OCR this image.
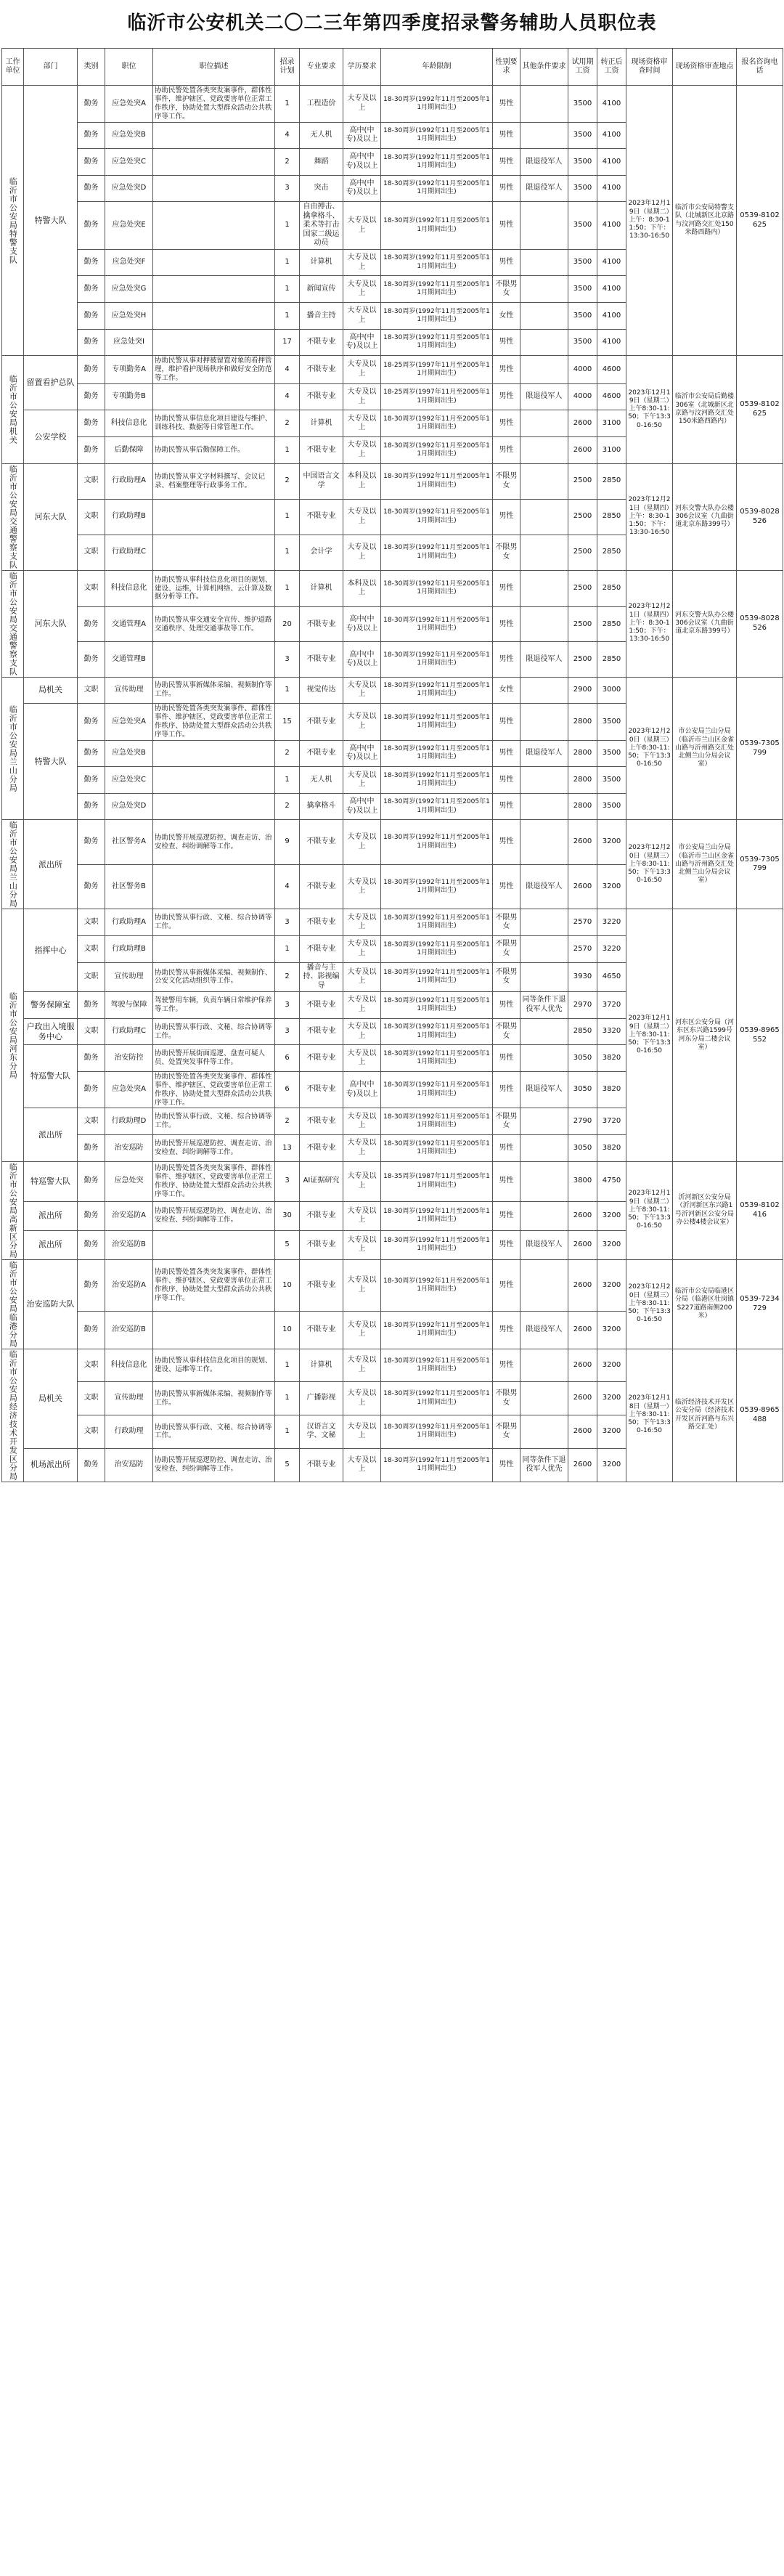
临沂市公安机关二〇二三年第四季度招录警务辅助人员职位表
工作单位	部门	类别	职位	职位描述	招录计划	专业要求	学历要求	年龄限制	性别要求	其他条件要求	试用期工资	转正后工资	现场资格审查时间	现场资格审查地点	报名咨询电话

临沂市公安局特警支队	特警大队	勤务	应急处突A	协助民警处置各类突发案事件，群体性事件，维护辖区、党政要害单位正常工作秩序，协助处置大型群众活动公共秩序等工作。	1	工程造价	大专及以上	18-30周岁(1992年11月至2005年11月期间出生)	男性		3500	4100	2023年12月19日（星期二）上午：8:30-11:50；下午：13:30-16:50	临沂市公安局特警支队（北城新区北京路与汶河路交汇处150米路西路内）	0539-8102625
		勤务	应急处突B		4	无人机	高中(中专)及以上	18-30周岁(1992年11月至2005年11月期间出生)	男性		3500	4100			
		勤务	应急处突C		2	舞蹈	高中(中专)及以上	18-30周岁(1992年11月至2005年11月期间出生)	男性	限退役军人	3500	4100			
		勤务	应急处突D		3	突击	高中(中专)及以上	18-30周岁(1992年11月至2005年11月期间出生)	男性	限退役军人	3500	4100			
		勤务	应急处突E		1	自由搏击、擒拿格斗、柔术等打击国家二级运动员	大专及以上	18-30周岁(1992年11月至2005年11月期间出生)	男性		3500	4100			
		勤务	应急处突F		1	计算机	大专及以上	18-30周岁(1992年11月至2005年11月期间出生)	男性		3500	4100			
		勤务	应急处突G		1	新闻宣传	大专及以上	18-30周岁(1992年11月至2005年11月期间出生)	不限男女		3500	4100			
		勤务	应急处突H		1	播音主持	大专及以上	18-30周岁(1992年11月至2005年11月期间出生)	女性		3500	4100			
		勤务	应急处突I		17	不限专业	高中(中专)及以上	18-30周岁(1992年11月至2005年11月期间出生)	男性		3500	4100			

临沂市公安局机关	留置看护总队	勤务	专项勤务A	协助民警从事对押被留置对象的看押管理，维护看护现场秩序和做好安全防范等工作。	4	不限专业	大专及以上	18-25周岁(1997年11月至2005年11月期间出生)	男性		4000	4600	2023年12月19日（星期二）上午8:30-11:50；下午13:30-16:50	临沂市公安局后勤楼306室（北城新区北京路与汶河路交汇处150米路西路内）	0539-8102625
		勤务	专项勤务B		4	不限专业	大专及以上	18-25周岁(1997年11月至2005年11月期间出生)	男性	限退役军人	4000	4600			
	公安学校	勤务	科技信息化	协助民警从事信息化项目建设与维护、训练科技、数据等日常管理工作。	2	计算机	大专及以上	18-30周岁(1992年11月至2005年11月期间出生)	男性		2600	3100			
		勤务	后勤保障	协助民警从事后勤保障工作。	1	不限专业	大专及以上	18-30周岁(1992年11月至2005年11月期间出生)	男性		2600	3100			

临沂市公安局交通警察支队	河东大队	文职	行政助理A	协助民警从事文字材料撰写、会议记录、档案整理等行政事务工作。	2	中国语言文学	本科及以上	18-30周岁(1992年11月至2005年11月期间出生)	不限男女		2500	2850	2023年12月21日（星期四）上午：8:30-11:50；下午：13:30-16:50	河东交警大队办公楼306会议室（九曲街道北京东路399号）	0539-8028526
		文职	行政助理B		1	不限专业	大专及以上	18-30周岁(1992年11月至2005年11月期间出生)	男性		2500	2850			
		文职	行政助理C		1	会计学	大专及以上	18-30周岁(1992年11月至2005年11月期间出生)	不限男女		2500	2850			

临沂市公安局交通警察支队	河东大队	文职	科技信息化	协助民警从事科技信息化项目的规划、建设、运维，计算机网络、云计算及数据分析等工作。	1	计算机	本科及以上	18-30周岁(1992年11月至2005年11月期间出生)	男性		2500	2850	2023年12月21日（星期四）上午：8:30-11:50；下午：13:30-16:50	河东交警大队办公楼306会议室（九曲街道北京东路399号）	0539-8028526
		勤务	交通管理A	协助民警从事交通安全宣传、维护道路交通秩序、处理交通事故等工作。	20	不限专业	高中(中专)及以上	18-30周岁(1992年11月至2005年11月期间出生)	男性		2500	2850			
		勤务	交通管理B		3	不限专业	高中(中专)及以上	18-30周岁(1992年11月至2005年11月期间出生)	男性	限退役军人	2500	2850			

临沂市公安局兰山分局	局机关	文职	宣传助理	协助民警从事新媒体采编、视频制作等工作。	1	视觉传达	大专及以上	18-30周岁(1992年11月至2005年11月期间出生)	女性		2900	3000	2023年12月20日（星期三）上午8:30-11:50；下午13:30-16:50	市公安局兰山分局（临沂市兰山区金雀山路与沂州路交汇处北侧兰山分局会议室）	0539-7305799
	特警大队	勤务	应急处突A	协助民警处置各类突发案事件、群体性事件、维护辖区、党政要害单位正常工作秩序、协助处置大型群众活动公共秩序等工作。	15	不限专业	大专及以上	18-30周岁(1992年11月至2005年11月期间出生)	男性		2800	3500			
		勤务	应急处突B		2	不限专业	高中(中专)及以上	18-30周岁(1992年11月至2005年11月期间出生)	男性	限退役军人	2800	3500			
		勤务	应急处突C		1	无人机	大专及以上	18-30周岁(1992年11月至2005年11月期间出生)	男性		2800	3500			
		勤务	应急处突D		2	擒拿格斗	高中(中专)及以上	18-30周岁(1992年11月至2005年11月期间出生)	男性		2800	3500			

临沂市公安局兰山分局	派出所	勤务	社区警务A	协助民警开展巡逻防控、调查走访、治安检查、纠纷调解等工作。	9	不限专业	大专及以上	18-30周岁(1992年11月至2005年11月期间出生)	男性		2600	3200	2023年12月20日（星期三）上午8:30-11:50；下午13:30-16:50	市公安局兰山分局（临沂市兰山区金雀山路与沂州路交汇处北侧兰山分局会议室）	0539-7305799
		勤务	社区警务B		4	不限专业	大专及以上	18-30周岁(1992年11月至2005年11月期间出生)	男性	限退役军人	2600	3200			

临沂市公安局河东分局	指挥中心	文职	行政助理A	协助民警从事行政、文秘、综合协调等工作。	3	不限专业	大专及以上	18-30周岁(1992年11月至2005年11月期间出生)	不限男女		2570	3220	2023年12月19日（星期二）上午8:30-11:50；下午13:30-16:50	河东区公安分局（河东区东兴路1599号河东分局二楼会议室）	0539-8965552
		文职	行政助理B		1	不限专业	大专及以上	18-30周岁(1992年11月至2005年11月期间出生)	不限男女		2570	3220			
		文职	宣传助理	协助民警从事新媒体采编、视频制作、公安文化活动组织等工作。	2	播音与主持、影视编导	大专及以上	18-30周岁(1992年11月至2005年11月期间出生)	不限男女		3930	4650			
	警务保障室	勤务	驾驶与保障	驾驶警用车辆，负责车辆日常维护保养等工作。	3	不限专业	大专及以上	18-30周岁(1992年11月至2005年11月期间出生)	男性	同等条件下退役军人优先	2970	3720			
	户政出入境服务中心	文职	行政助理C	协助民警从事行政、文秘、综合协调等工作。	3	不限专业	大专及以上	18-30周岁(1992年11月至2005年11月期间出生)	不限男女		2850	3320			
	特巡警大队	勤务	治安防控	协助民警开展街面巡逻、盘查可疑人员、处置突发事件等工作。	6	不限专业	大专及以上	18-30周岁(1992年11月至2005年11月期间出生)	男性		3050	3820			
		勤务	应急处突A	协助民警处置各类突发案事件、群体性事件、维护辖区、党政要害单位正常工作秩序、协助处置大型群众活动公共秩序等工作。	6	不限专业	高中(中专)及以上	18-30周岁(1992年11月至2005年11月期间出生)	男性	限退役军人	3050	3820			
	派出所	文职	行政助理D	协助民警从事行政、文秘、综合协调等工作。	2	不限专业	大专及以上	18-30周岁(1992年11月至2005年11月期间出生)	不限男女		2790	3720			
		勤务	治安巡防	协助民警开展巡逻防控、调查走访、治安检查、纠纷调解等工作。	13	不限专业	大专及以上	18-30周岁(1992年11月至2005年11月期间出生)	男性		3050	3820			

临沂市公安局高新区分局	特巡警大队	勤务	应急处突	协助民警处置各类突发案事件、群体性事件、维护辖区、党政要害单位正常工作秩序、协助处置大型群众活动公共秩序等工作。	3	AI证据研究	大专及以上	18-35周岁(1987年11月至2005年11月期间出生)	男性		3800	4750	2023年12月19日（星期二）上午8:30-11:50；下午13:30-16:50	沂河新区公安分局（沂河新区东兴路1号沂河新区公安分局办公楼4楼会议室）	0539-8102416
	派出所	勤务	治安巡防A	协助民警开展巡逻防控、调查走访、治安检查、纠纷调解等工作。	30	不限专业	大专及以上	18-30周岁(1992年11月至2005年11月期间出生)	男性		2600	3200			
	派出所	勤务	治安巡防B		5	不限专业	大专及以上	18-30周岁(1992年11月至2005年11月期间出生)	男性	限退役军人	2600	3200			

临沂市公安局临港分局	治安巡防大队	勤务	治安巡防A	协助民警处置各类突发案事件、群体性事件、维护辖区、党政要害单位正常工作秩序、协助处置大型群众活动公共秩序等工作。	10	不限专业	大专及以上	18-30周岁(1992年11月至2005年11月期间出生)	男性		2600	3200	2023年12月20日（星期三）上午8:30-11:50；下午13:30-16:50	临沂市公安局临港区分局（临港区壮岗镇S227道路南侧200米）	0539-7234729
		勤务	治安巡防B		10	不限专业	大专及以上	18-30周岁(1992年11月至2005年11月期间出生)	男性	限退役军人	2600	3200			

临沂市公安局经济技术开发区分局	局机关	文职	科技信息化	协助民警从事科技信息化项目的规划、建设、运维等工作。	1	计算机	大专及以上	18-30周岁(1992年11月至2005年11月期间出生)	男性		2600	3200	2023年12月18日（星期一）上午8:30-11:50；下午13:30-16:50	临沂经济技术开发区公安分局（经济技术开发区沂河路与东兴路交汇处）	0539-8965488
		文职	宣传助理	协助民警从事新媒体采编、视频制作等工作。	1	广播影视	大专及以上	18-30周岁(1992年11月至2005年11月期间出生)	不限男女		2600	3200			
		文职	行政助理	协助民警从事行政、文秘、综合协调等工作。	1	汉语言文学、文秘	大专及以上	18-30周岁(1992年11月至2005年11月期间出生)	不限男女		2600	3200			
	机场派出所	勤务	治安巡防	协助民警开展巡逻防控、调查走访、治安检查、纠纷调解等工作。	5	不限专业	大专及以上	18-30周岁(1992年11月至2005年11月期间出生)	男性	同等条件下退役军人优先	2600	3200			
